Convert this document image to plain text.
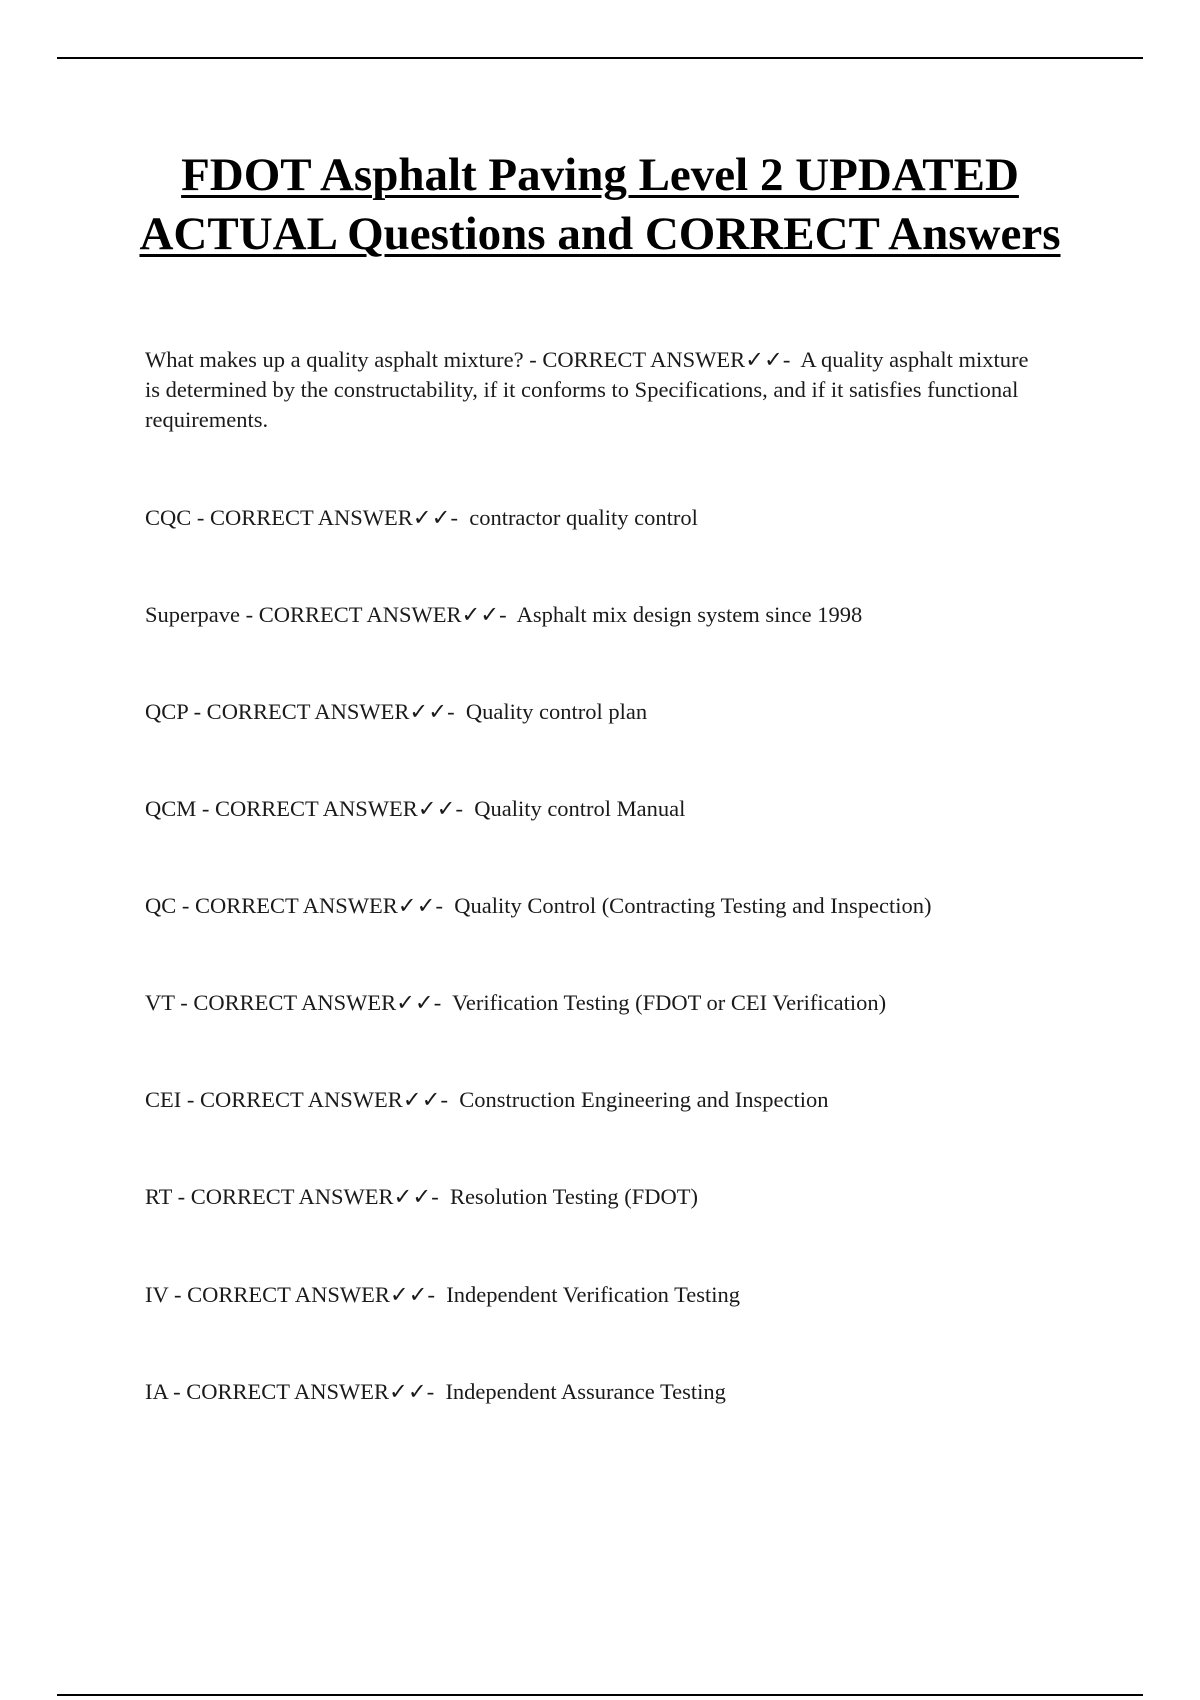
FDOT Asphalt Paving Level 2 UPDATED ACTUAL Questions and CORRECT Answers

What makes up a quality asphalt mixture? - CORRECT ANSWER✓✓-  A quality asphalt mixture is determined by the constructability, if it conforms to Specifications, and if it satisfies functional requirements.

CQC - CORRECT ANSWER✓✓-  contractor quality control

Superpave - CORRECT ANSWER✓✓-  Asphalt mix design system since 1998

QCP - CORRECT ANSWER✓✓-  Quality control plan

QCM - CORRECT ANSWER✓✓-  Quality control Manual

QC - CORRECT ANSWER✓✓-  Quality Control (Contracting Testing and Inspection)

VT - CORRECT ANSWER✓✓-  Verification Testing (FDOT or CEI Verification)

CEI - CORRECT ANSWER✓✓-  Construction Engineering and Inspection

RT - CORRECT ANSWER✓✓-  Resolution Testing (FDOT)

IV - CORRECT ANSWER✓✓-  Independent Verification Testing

IA - CORRECT ANSWER✓✓-  Independent Assurance Testing
